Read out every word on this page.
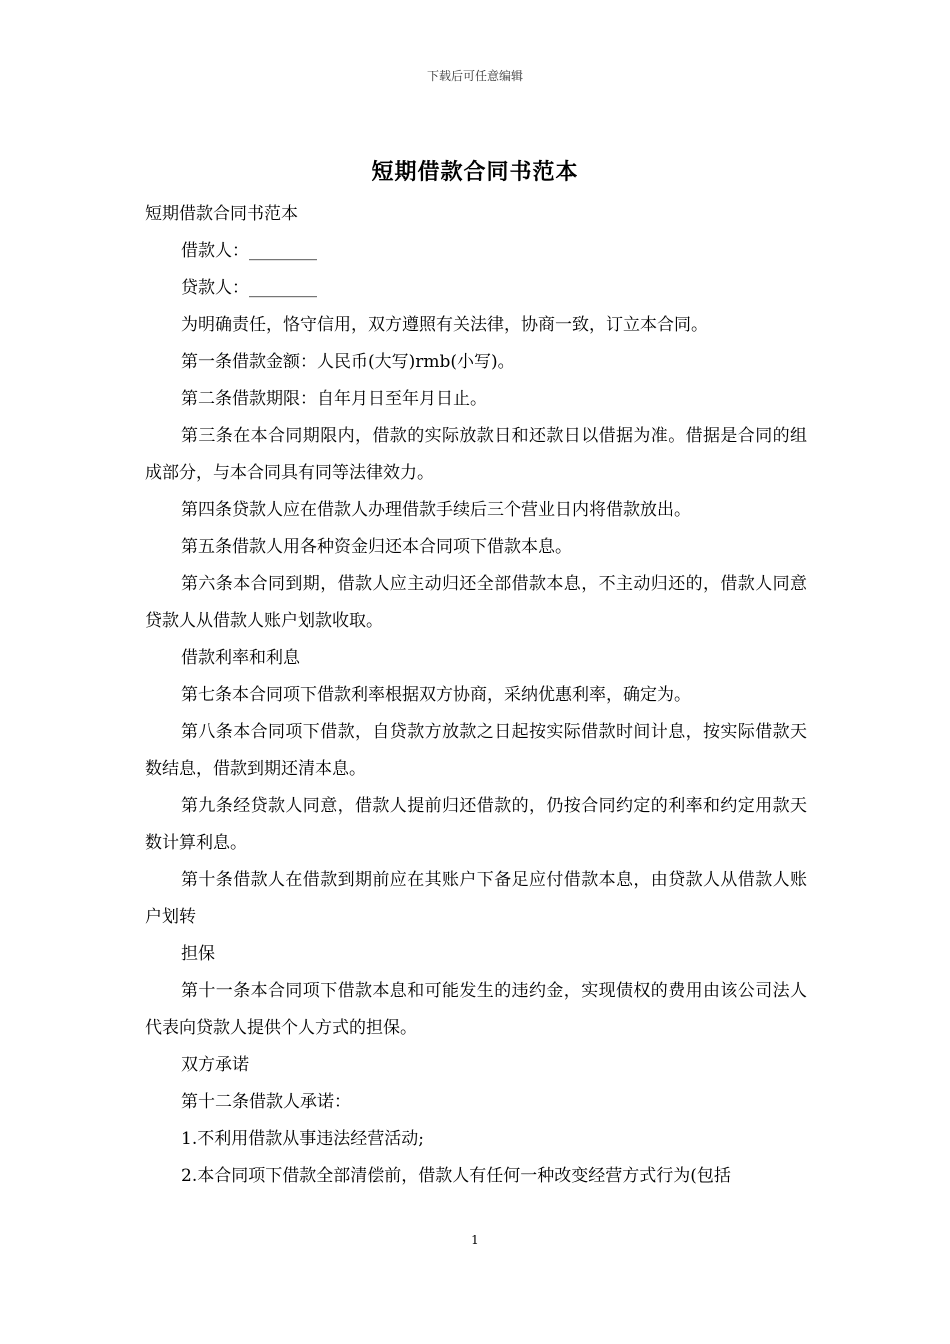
下载后可任意编辑
短期借款合同书范本

短期借款合同书范本

借款人：________

贷款人：________

为明确责任，恪守信用，双方遵照有关法律，协商一致，订立本合同。

第一条借款金额：人民币(大写)rmb(小写)。

第二条借款期限：自年月日至年月日止。

第三条在本合同期限内，借款的实际放款日和还款日以借据为准。借据是合同的组成部分，与本合同具有同等法律效力。

第四条贷款人应在借款人办理借款手续后三个营业日内将借款放出。

第五条借款人用各种资金归还本合同项下借款本息。

第六条本合同到期，借款人应主动归还全部借款本息，不主动归还的，借款人同意贷款人从借款人账户划款收取。

借款利率和利息

第七条本合同项下借款利率根据双方协商，采纳优惠利率，确定为。

第八条本合同项下借款，自贷款方放款之日起按实际借款时间计息，按实际借款天数结息，借款到期还清本息。

第九条经贷款人同意，借款人提前归还借款的，仍按合同约定的利率和约定用款天数计算利息。

第十条借款人在借款到期前应在其账户下备足应付借款本息，由贷款人从借款人账户划转

担保

第十一条本合同项下借款本息和可能发生的违约金，实现债权的费用由该公司法人代表向贷款人提供个人方式的担保。

双方承诺

第十二条借款人承诺：

1.不利用借款从事违法经营活动;

2.本合同项下借款全部清偿前，借款人有任何一种改变经营方式行为(包括

1
